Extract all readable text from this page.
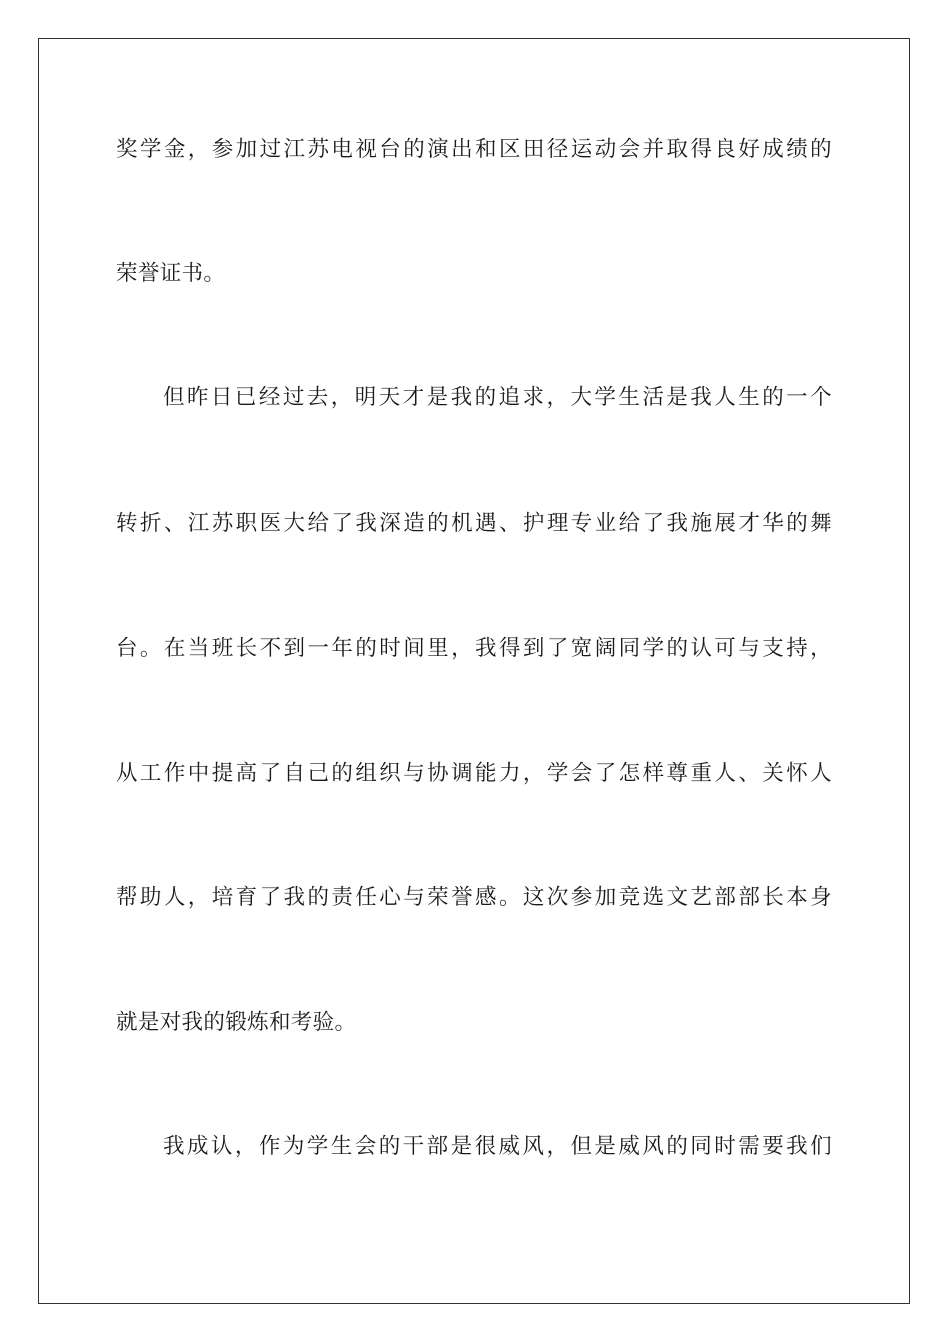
奖学金，参加过江苏电视台的演出和区田径运动会并取得良好成绩的
荣誉证书。
但昨日已经过去，明天才是我的追求，大学生活是我人生的一个
转折、江苏职医大给了我深造的机遇、护理专业给了我施展才华的舞
台。在当班长不到一年的时间里，我得到了宽阔同学的认可与支持，
从工作中提高了自己的组织与协调能力，学会了怎样尊重人、关怀人
帮助人，培育了我的责任心与荣誉感。这次参加竞选文艺部部长本身
就是对我的锻炼和考验。
我成认，作为学生会的干部是很威风，但是威风的同时需要我们
